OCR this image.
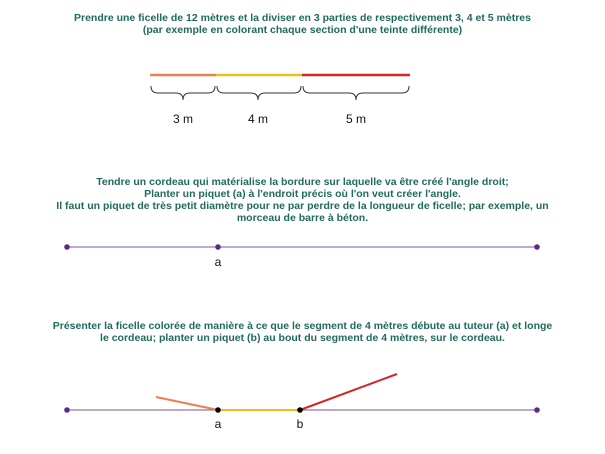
Prendre une ficelle de 12 mètres et la diviser en 3 parties de respectivement 3, 4 et 5 mètres
(par exemple en colorant chaque section d'une teinte différente)
Tendre un cordeau qui matérialise la bordure sur laquelle va être créé l'angle droit;
Planter un piquet (a) à l'endroit précis où l'on veut créer l'angle.
Il faut un piquet de très petit diamètre pour ne par perdre de la longueur de ficelle; par exemple, un
morceau de barre à béton.
Présenter la ficelle colorée de manière à ce que le segment de 4 mètres débute au tuteur (a) et longe
le cordeau; planter un piquet (b) au bout du segment de 4 mètres, sur le cordeau.
3 m	4 m	5 m
a
a	b
